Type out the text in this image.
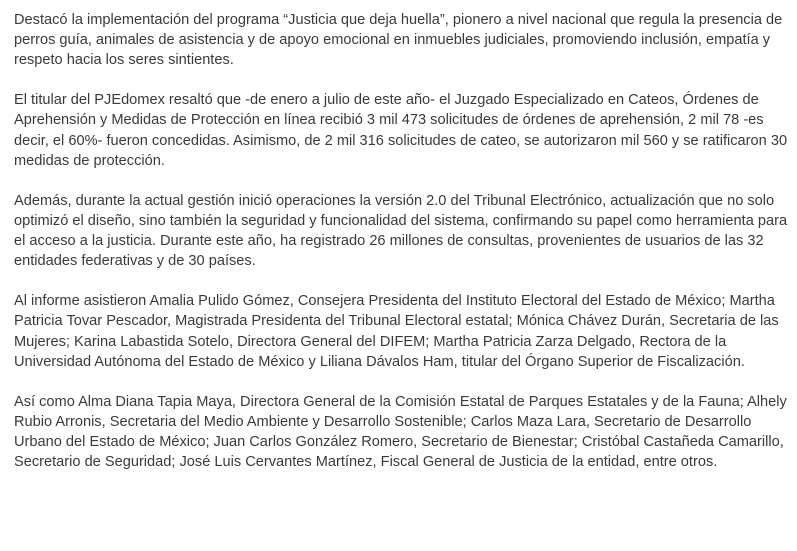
Destacó la implementación del programa “Justicia que deja huella”, pionero a nivel nacional que regula la presencia de perros guía, animales de asistencia y de apoyo emocional en inmuebles judiciales, promoviendo inclusión, empatía y respeto hacia los seres sintientes.

El titular del PJEdomex resaltó que -de enero a julio de este año- el Juzgado Especializado en Cateos, Órdenes de Aprehensión y Medidas de Protección en línea recibió 3 mil 473 solicitudes de órdenes de aprehensión, 2 mil 78 -es decir, el 60%- fueron concedidas. Asimismo, de 2 mil 316 solicitudes de cateo, se autorizaron mil 560 y se ratificaron 30 medidas de protección.

Además, durante la actual gestión inició operaciones la versión 2.0 del Tribunal Electrónico, actualización que no solo optimizó el diseño, sino también la seguridad y funcionalidad del sistema, confirmando su papel como herramienta para el acceso a la justicia. Durante este año, ha registrado 26 millones de consultas, provenientes de usuarios de las 32 entidades federativas y de 30 países.

Al informe asistieron Amalia Pulido Gómez, Consejera Presidenta del Instituto Electoral del Estado de México; Martha Patricia Tovar Pescador, Magistrada Presidenta del Tribunal Electoral estatal; Mónica Chávez Durán, Secretaria de las Mujeres; Karina Labastida Sotelo, Directora General del DIFEM; Martha Patricia Zarza Delgado, Rectora de la Universidad Autónoma del Estado de México y Liliana Dávalos Ham, titular del Órgano Superior de Fiscalización.

Así como Alma Diana Tapia Maya, Directora General de la Comisión Estatal de Parques Estatales y de la Fauna; Alhely Rubio Arronis, Secretaria del Medio Ambiente y Desarrollo Sostenible; Carlos Maza Lara, Secretario de Desarrollo Urbano del Estado de México; Juan Carlos González Romero, Secretario de Bienestar; Cristóbal Castañeda Camarillo, Secretario de Seguridad; José Luis Cervantes Martínez, Fiscal General de Justicia de la entidad, entre otros.
